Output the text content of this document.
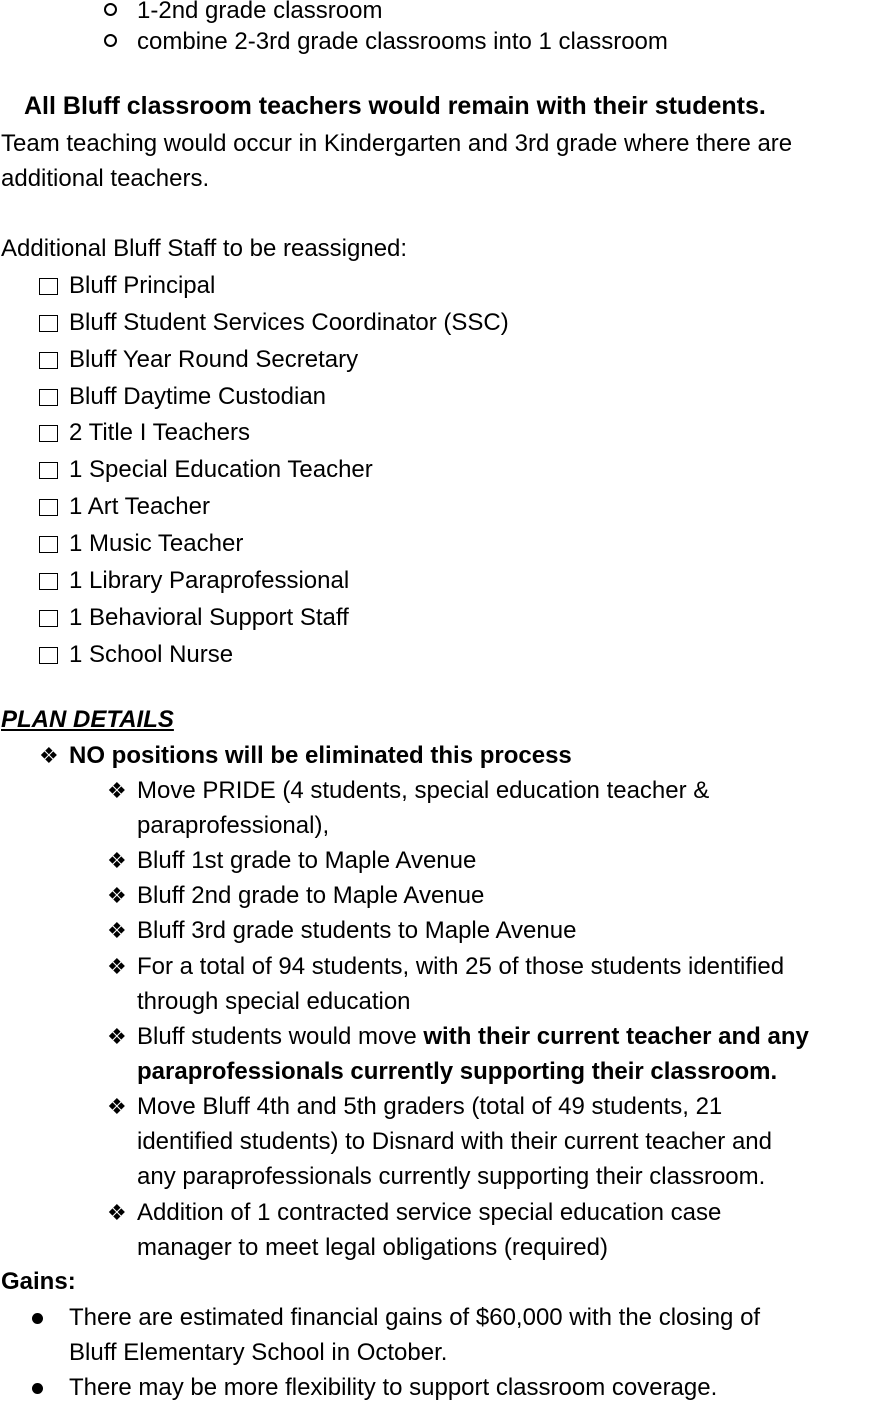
1-2nd grade classroom
combine 2-3rd grade classrooms into 1 classroom
All Bluff classroom teachers would remain with their students.
Team teaching would occur in Kindergarten and 3rd grade where there are
additional teachers.
Additional Bluff Staff to be reassigned:
Bluff Principal
Bluff Student Services Coordinator (SSC)
Bluff Year Round Secretary
Bluff Daytime Custodian
2 Title I Teachers
1 Special Education Teacher
1 Art Teacher
1 Music Teacher
1 Library Paraprofessional
1 Behavioral Support Staff
1 School Nurse
PLAN DETAILS
❖ NO positions will be eliminated this process
❖ Move PRIDE (4 students, special education teacher &
paraprofessional),
❖ Bluff 1st grade to Maple Avenue
❖ Bluff 2nd grade to Maple Avenue
❖ Bluff 3rd grade students to Maple Avenue
❖ For a total of 94 students, with 25 of those students identified
through special education
❖ Bluff students would move with their current teacher and any
paraprofessionals currently supporting their classroom.
❖ Move Bluff 4th and 5th graders (total of 49 students, 21
identified students) to Disnard with their current teacher and
any paraprofessionals currently supporting their classroom.
❖ Addition of 1 contracted service special education case
manager to meet legal obligations (required)
Gains:
There are estimated financial gains of $60,000 with the closing of
Bluff Elementary School in October.
There may be more flexibility to support classroom coverage.
